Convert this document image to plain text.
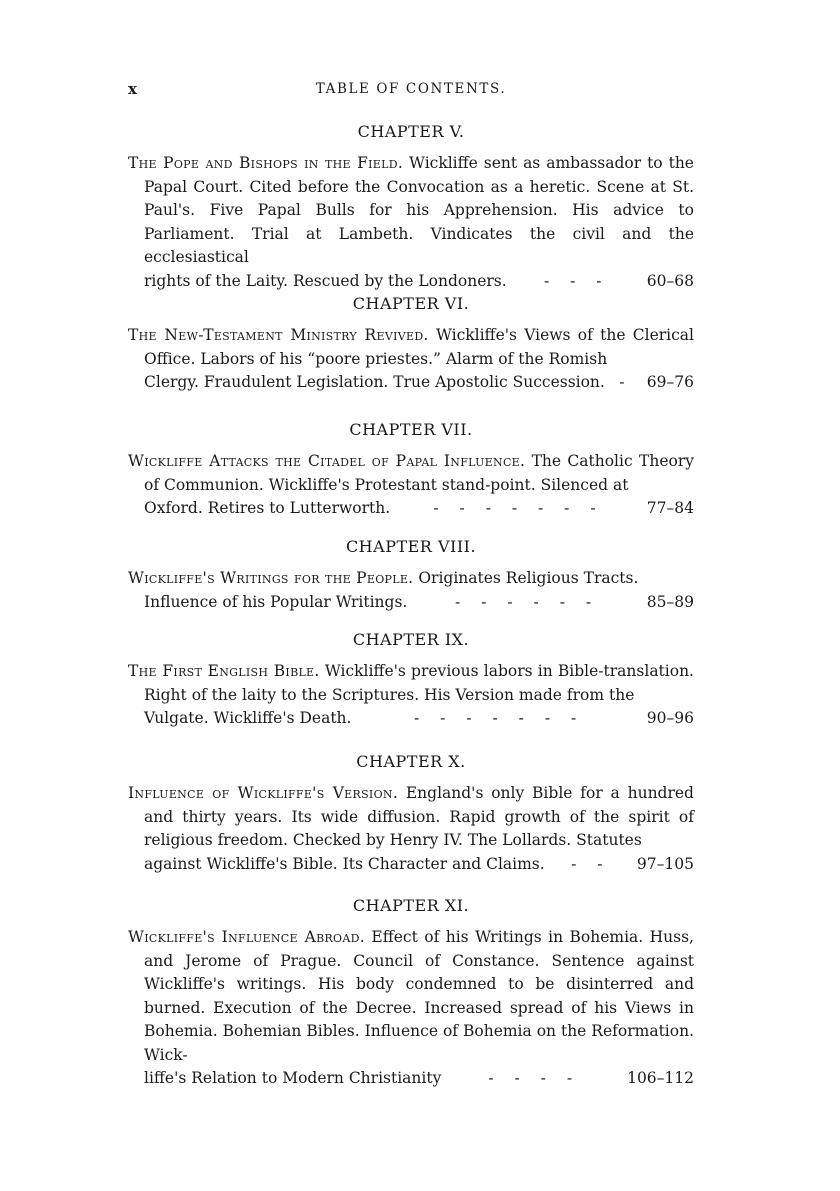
x	TABLE OF CONTENTS.
CHAPTER V.
The Pope and Bishops in the Field. Wickliffe sent as ambassador to the Papal Court. Cited before the Convocation as a heretic. Scene at St. Paul's. Five Papal Bulls for his Apprehension. His advice to Parliament. Trial at Lambeth. Vindicates the civil and the ecclesiastical
rights of the Laity. Rescued by the Londoners. - - - 60–68
CHAPTER VI.
The New-Testament Ministry Revived. Wickliffe's Views of the Clerical Office. Labors of his “poore priestes.” Alarm of the Romish
Clergy. Fraudulent Legislation. True Apostolic Succession. - 69–76
CHAPTER VII.
Wickliffe Attacks the Citadel of Papal Influence. The Catholic Theory of Communion. Wickliffe's Protestant stand-point. Silenced at
Oxford. Retires to Lutterworth.	- - - - - - -	77–84
CHAPTER VIII.
Wickliffe's Writings for the People. Originates Religious Tracts.
Influence of his Popular Writings.	- - - - - -	85–89
CHAPTER IX.
The First English Bible. Wickliffe's previous labors in Bible-translation. Right of the laity to the Scriptures. His Version made from the
Vulgate. Wickliffe's Death.	- - - - - - -	90–96
CHAPTER X.
Influence of Wickliffe's Version. England's only Bible for a hundred and thirty years. Its wide diffusion. Rapid growth of the spirit of religious freedom. Checked by Henry IV. The Lollards. Statutes
against Wickliffe's Bible. Its Character and Claims. - - 97–105
CHAPTER XI.
Wickliffe's Influence Abroad. Effect of his Writings in Bohemia. Huss, and Jerome of Prague. Council of Constance. Sentence against Wickliffe's writings. His body condemned to be disinterred and burned. Execution of the Decree. Increased spread of his Views in Bohemia. Bohemian Bibles. Influence of Bohemia on the Reformation. Wick-
liffe's Relation to Modern Christianity	- - - -	106–112
